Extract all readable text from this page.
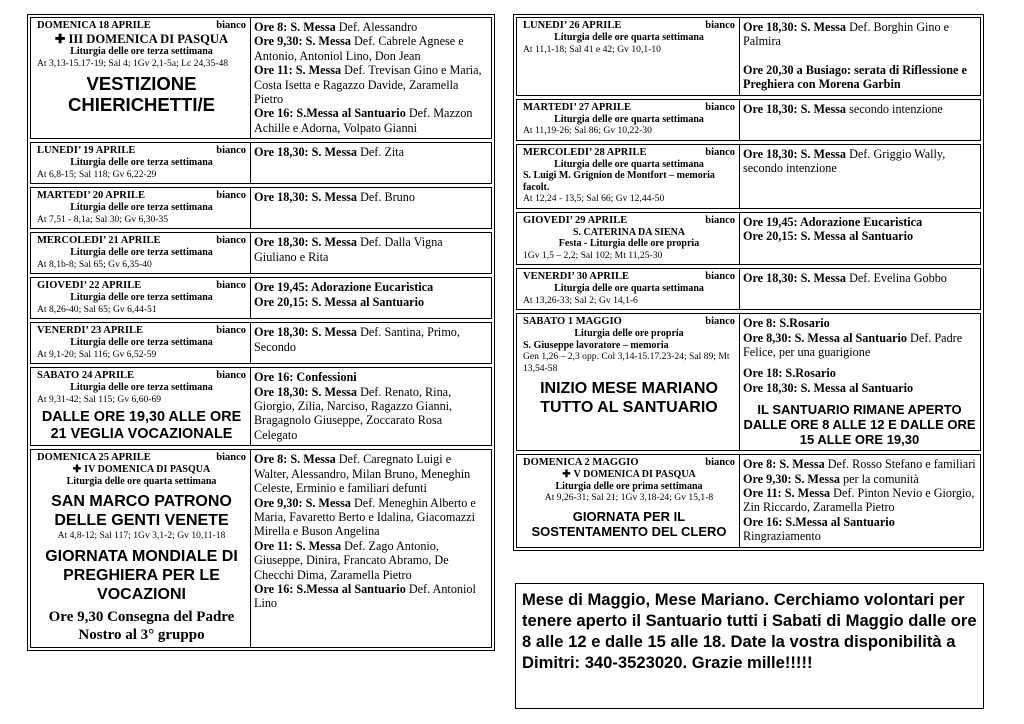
DOMENICA 18 APRILE	bianco
✚ III DOMENICA DI PASQUA
Liturgia delle ore terza settimana
At 3,13-15.17-19; Sal 4; 1Gv 2,1-5a; Lc 24,35-48
VESTIZIONE CHIERICHETTI/E
Ore 8: S. Messa Def. Alessandro
Ore 9,30: S. Messa Def. Cabrele Agnese e Antonio, Antoniol Lino, Don Jean
Ore 11: S. Messa Def. Trevisan Gino e Maria, Costa Isetta e Ragazzo Davide, Zaramella Pietro
Ore 16: S.Messa al Santuario Def. Mazzon Achille e Adorna, Volpato Gianni
LUNEDI’ 19 APRILE	bianco
Liturgia delle ore terza settimana
At 6,8-15; Sal 118; Gv 6,22-29
Ore 18,30: S. Messa Def. Zita
MARTEDI’ 20 APRILE	bianco
Liturgia delle ore terza settimana
At 7,51 - 8,1a; Sal 30; Gv 6,30-35
Ore 18,30: S. Messa Def. Bruno
MERCOLEDI’ 21 APRILE	bianco
Liturgia delle ore terza settimana
At 8,1b-8; Sal 65; Gv 6,35-40
Ore 18,30: S. Messa Def. Dalla Vigna Giuliano e Rita
GIOVEDI’ 22 APRILE	bianco
Liturgia delle ore terza settimana
At 8,26-40; Sal 65; Gv 6,44-51
Ore 19,45: Adorazione Eucaristica
Ore 20,15: S. Messa al Santuario
VENERDI’ 23 APRILE	bianco
Liturgia delle ore terza settimana
At 9,1-20; Sal 116; Gv 6,52-59
Ore 18,30: S. Messa Def. Santina, Primo, Secondo
SABATO 24 APRILE	bianco
Liturgia delle ore terza settimana
At 9,31-42; Sal 115; Gv 6,60-69
DALLE ORE 19,30 ALLE ORE 21 VEGLIA VOCAZIONALE
Ore 16: Confessioni
Ore 18,30: S. Messa Def. Renato, Rina, Giorgio, Zilia, Narciso, Ragazzo Gianni, Bragagnolo Giuseppe, Zoccarato Rosa Celegato
DOMENICA 25 APRILE	bianco
✚ IV DOMENICA DI PASQUA
Liturgia delle ore quarta settimana
SAN MARCO PATRONO DELLE GENTI VENETE
At 4,8-12; Sal 117; 1Gv 3,1-2; Gv 10,11-18
GIORNATA MONDIALE DI PREGHIERA PER LE VOCAZIONI
Ore 9,30 Consegna del Padre Nostro al 3° gruppo
Ore 8: S. Messa Def. Caregnato Luigi e Walter, Alessandro, Milan Bruno, Meneghin Celeste, Erminio e familiari defunti
Ore 9,30: S. Messa Def. Meneghin Alberto e Maria, Favaretto Berto e Idalina, Giacomazzi Mirella e Buson Angelina
Ore 11: S. Messa Def. Zago Antonio, Giuseppe, Dinira, Francato Abramo, De Checchi Dima, Zaramella Pietro
Ore 16: S.Messa al Santuario Def. Antoniol Lino
LUNEDI’ 26 APRILE	bianco
Liturgia delle ore quarta settimana
At 11,1-18; Sal 41 e 42; Gv 10,1-10
Ore 18,30: S. Messa Def. Borghin Gino e Palmira
Ore 20,30 a Busiago: serata di Riflessione e Preghiera con Morena Garbin
MARTEDI’ 27 APRILE	bianco
Liturgia delle ore quarta settimana
At 11,19-26; Sal 86; Gv 10,22-30
Ore 18,30: S. Messa secondo intenzione
MERCOLEDI’ 28 APRILE	bianco
Liturgia delle ore quarta settimana
S. Luigi M. Grignion de Montfort – memoria facolt.
At 12,24 - 13,5; Sal 66; Gv 12,44-50
Ore 18,30: S. Messa Def. Griggio Wally, secondo intenzione
GIOVEDI’ 29 APRILE	bianco
S. CATERINA DA SIENA
Festa - Liturgia delle ore propria
1Gv 1,5 – 2,2; Sal 102; Mt 11,25-30
Ore 19,45: Adorazione Eucaristica
Ore 20,15: S. Messa al Santuario
VENERDI’ 30 APRILE	bianco
Liturgia delle ore quarta settimana
At 13,26-33; Sal 2; Gv 14,1-6
Ore 18,30: S. Messa Def. Evelina Gobbo
SABATO 1 MAGGIO	bianco
Liturgia delle ore propria
S. Giuseppe lavoratore – memoria
Gen 1,26 – 2,3 opp. Col 3,14-15.17.23-24; Sal 89; Mt 13,54-58
INIZIO MESE MARIANO TUTTO AL SANTUARIO
Ore 8: S.Rosario
Ore 8,30: S. Messa al Santuario Def. Padre Felice, per una guarigione
Ore 18: S.Rosario
Ore 18,30: S. Messa al Santuario
IL SANTUARIO RIMANE APERTO DALLE ORE 8 ALLE 12 E DALLE ORE 15 ALLE ORE 19,30
DOMENICA 2 MAGGIO	bianco
✚ V DOMENICA DI PASQUA
Liturgia delle ore prima settimana
At 9,26-31; Sal 21; 1Gv 3,18-24; Gv 15,1-8
GIORNATA PER IL SOSTENTAMENTO DEL CLERO
Ore 8: S. Messa Def. Rosso Stefano e familiari
Ore 9,30: S. Messa per la comunità
Ore 11: S. Messa Def. Pinton Nevio e Giorgio, Zin Riccardo, Zaramella Pietro
Ore 16: S.Messa al Santuario
Ringraziamento
Mese di Maggio, Mese Mariano. Cerchiamo volontari per tenere aperto il Santuario tutti i Sabati di Maggio dalle ore 8 alle 12 e dalle 15 alle 18. Date la vostra disponibilità a Dimitri: 340-3523020. Grazie mille!!!!!
